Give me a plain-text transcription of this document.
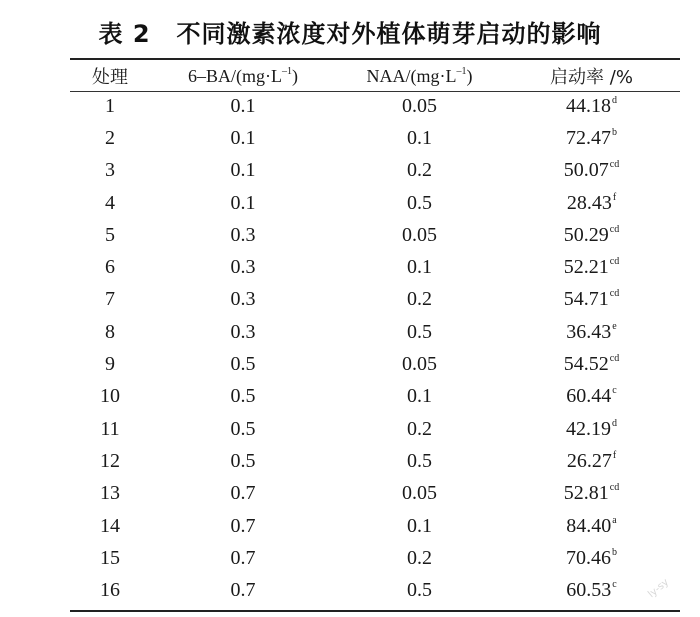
表 2 不同激素浓度对外植体萌芽启动的影响
处理	$6-BA/(mg\cdot L^{-1})$	NAA/$(mg\cdot L^{-1})$	启动率 /%
1	0.1	0.05	44.18$^d$
2	0.1	0.1	72.47$^b$
3	0.1	0.2	50.07$^{cd}$
4	0.1	0.5	28.43$^f$
5	0.3	0.05	50.29$^{cd}$
6	0.3	0.1	52.21$^{cd}$
7	0.3	0.2	54.71$^{cd}$
8	0.3	0.5	36.43e
9	0.5	0.05	54.52$^{cd}$
10	0.5	0.1	60.44$^c$
11	0.5	0.2	42.19$^d$
12	0.5	0.5	26.27$^f$
13	0.7	0.05	52.81$^{cd}$
14	0.7	0.1	84.40$^a$
15	0.7	0.2	70.46$^b$
16	0.7	0.5	60.53$^c$	ly-sy
